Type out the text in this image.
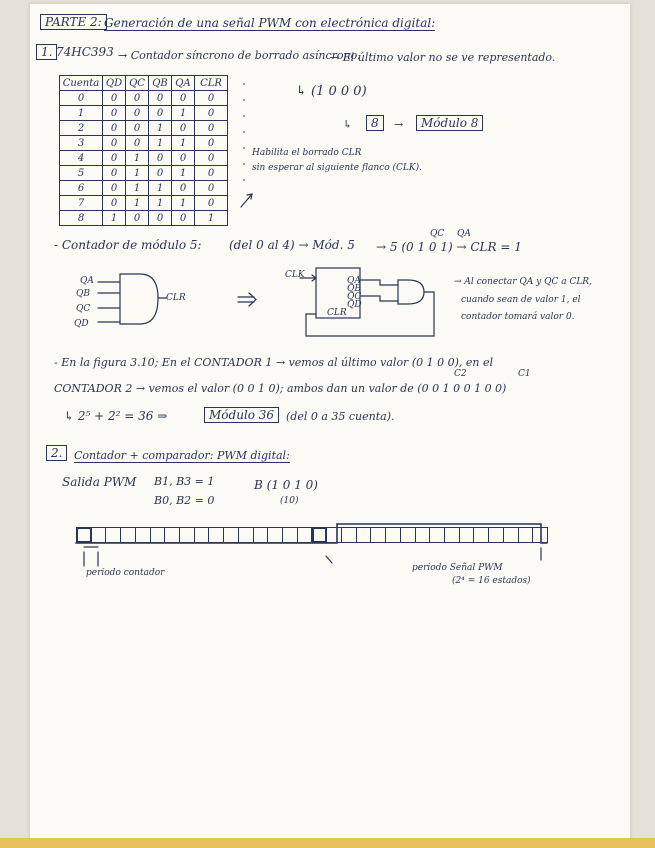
PARTE 2: Generación de una señal PWM con electrónica digital:
1. 74HC393 → Contador síncrono de borrado asíncrono.
→ El último valor no se ve representado.
Cuenta	QD	QC	QB	QA	CLR
0	0	0	0	0	0
1	0	0	0	1	0
2	0	0	1	0	0
3	0	0	1	1	0
4	0	1	0	0	0
5	0	1	0	1	0
6	0	1	1	0	0
7	0	1	1	1	0
8	1	0	0	0	1
↳ (1 0 0 0)
↳	8	→	Módulo 8
Habilita el borrado CLR
sin esperar al siguiente flanco (CLK).
- Contador de módulo 5: (del 0 al 4) → Mód. 5
QC QA
→ 5 (0 1 0 1) → CLR = 1
QA
QB
QC
QD
CLR
CLK
QA
QB
QC
QD
CLR
→ Al conectar QA y QC a CLR,
cuando sean de valor 1, el
contador tomará valor 0.
- En la figura 3.10; En el CONTADOR 1 → vemos al último valor (0 1 0 0), en el
C2	C1
CONTADOR 2 → vemos el valor (0 0 1 0); ambos dan un valor de (0 0 1 0 0 1 0 0)
↳ 2⁵ + 2² = 36 ⇒	Módulo 36	(del 0 a 35 cuenta).
2.	Contador + comparador: PWM digital:
Salida PWM B1, B3 = 1
B0, B2 = 0
B (1 0 1 0)
(10)
periodo contador	periodo Señal PWM
(2⁴ = 16 estados)
